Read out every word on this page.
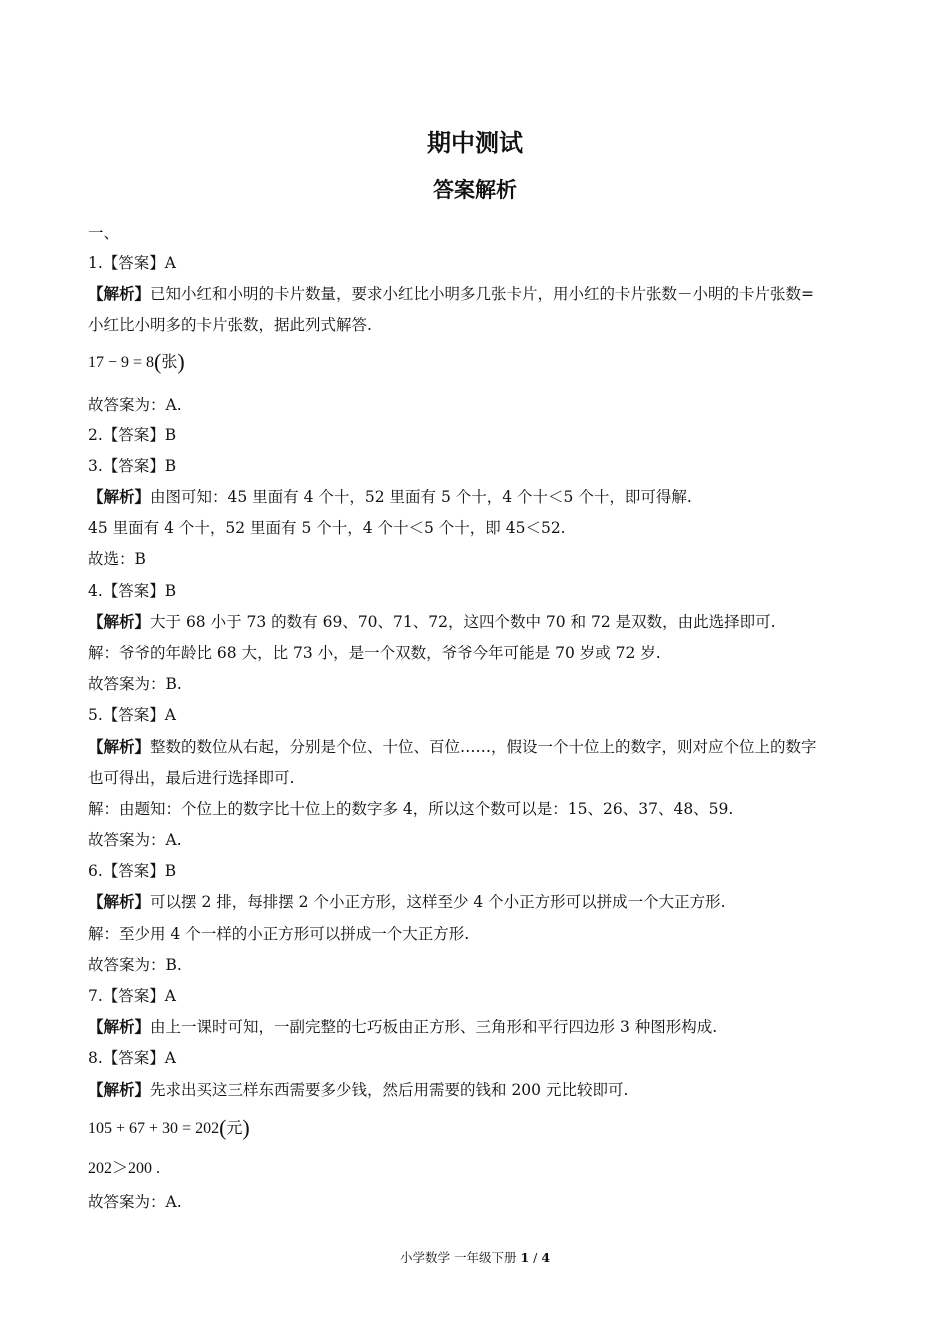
期中测试
答案解析
一、
1.【答案】A
【解析】已知小红和小明的卡片数量，要求小红比小明多几张卡片，用小红的卡片张数－小明的卡片张数=
小红比小明多的卡片张数，据此列式解答.
17 − 9 = 8(张)
故答案为：A.
2.【答案】B
3.【答案】B
【解析】由图可知：45 里面有 4 个十，52 里面有 5 个十，4 个十＜5 个十，即可得解.
45 里面有 4 个十，52 里面有 5 个十，4 个十＜5 个十，即 45＜52.
故选：B
4.【答案】B
【解析】大于 68 小于 73 的数有 69、70、71、72，这四个数中 70 和 72 是双数，由此选择即可.
解：爷爷的年龄比 68 大，比 73 小，是一个双数，爷爷今年可能是 70 岁或 72 岁.
故答案为：B.
5.【答案】A
【解析】整数的数位从右起，分别是个位、十位、百位……，假设一个十位上的数字，则对应个位上的数字
也可得出，最后进行选择即可.
解：由题知：个位上的数字比十位上的数字多 4，所以这个数可以是：15、26、37、48、59.
故答案为：A.
6.【答案】B
【解析】可以摆 2 排，每排摆 2 个小正方形，这样至少 4 个小正方形可以拼成一个大正方形.
解：至少用 4 个一样的小正方形可以拼成一个大正方形.
故答案为：B.
7.【答案】A
【解析】由上一课时可知，一副完整的七巧板由正方形、三角形和平行四边形 3 种图形构成.
8.【答案】A
【解析】先求出买这三样东西需要多少钱，然后用需要的钱和 200 元比较即可.
105 + 67 + 30 = 202(元)
202＞200 .
故答案为：A.
小学数学 一年级下册 1 / 4
